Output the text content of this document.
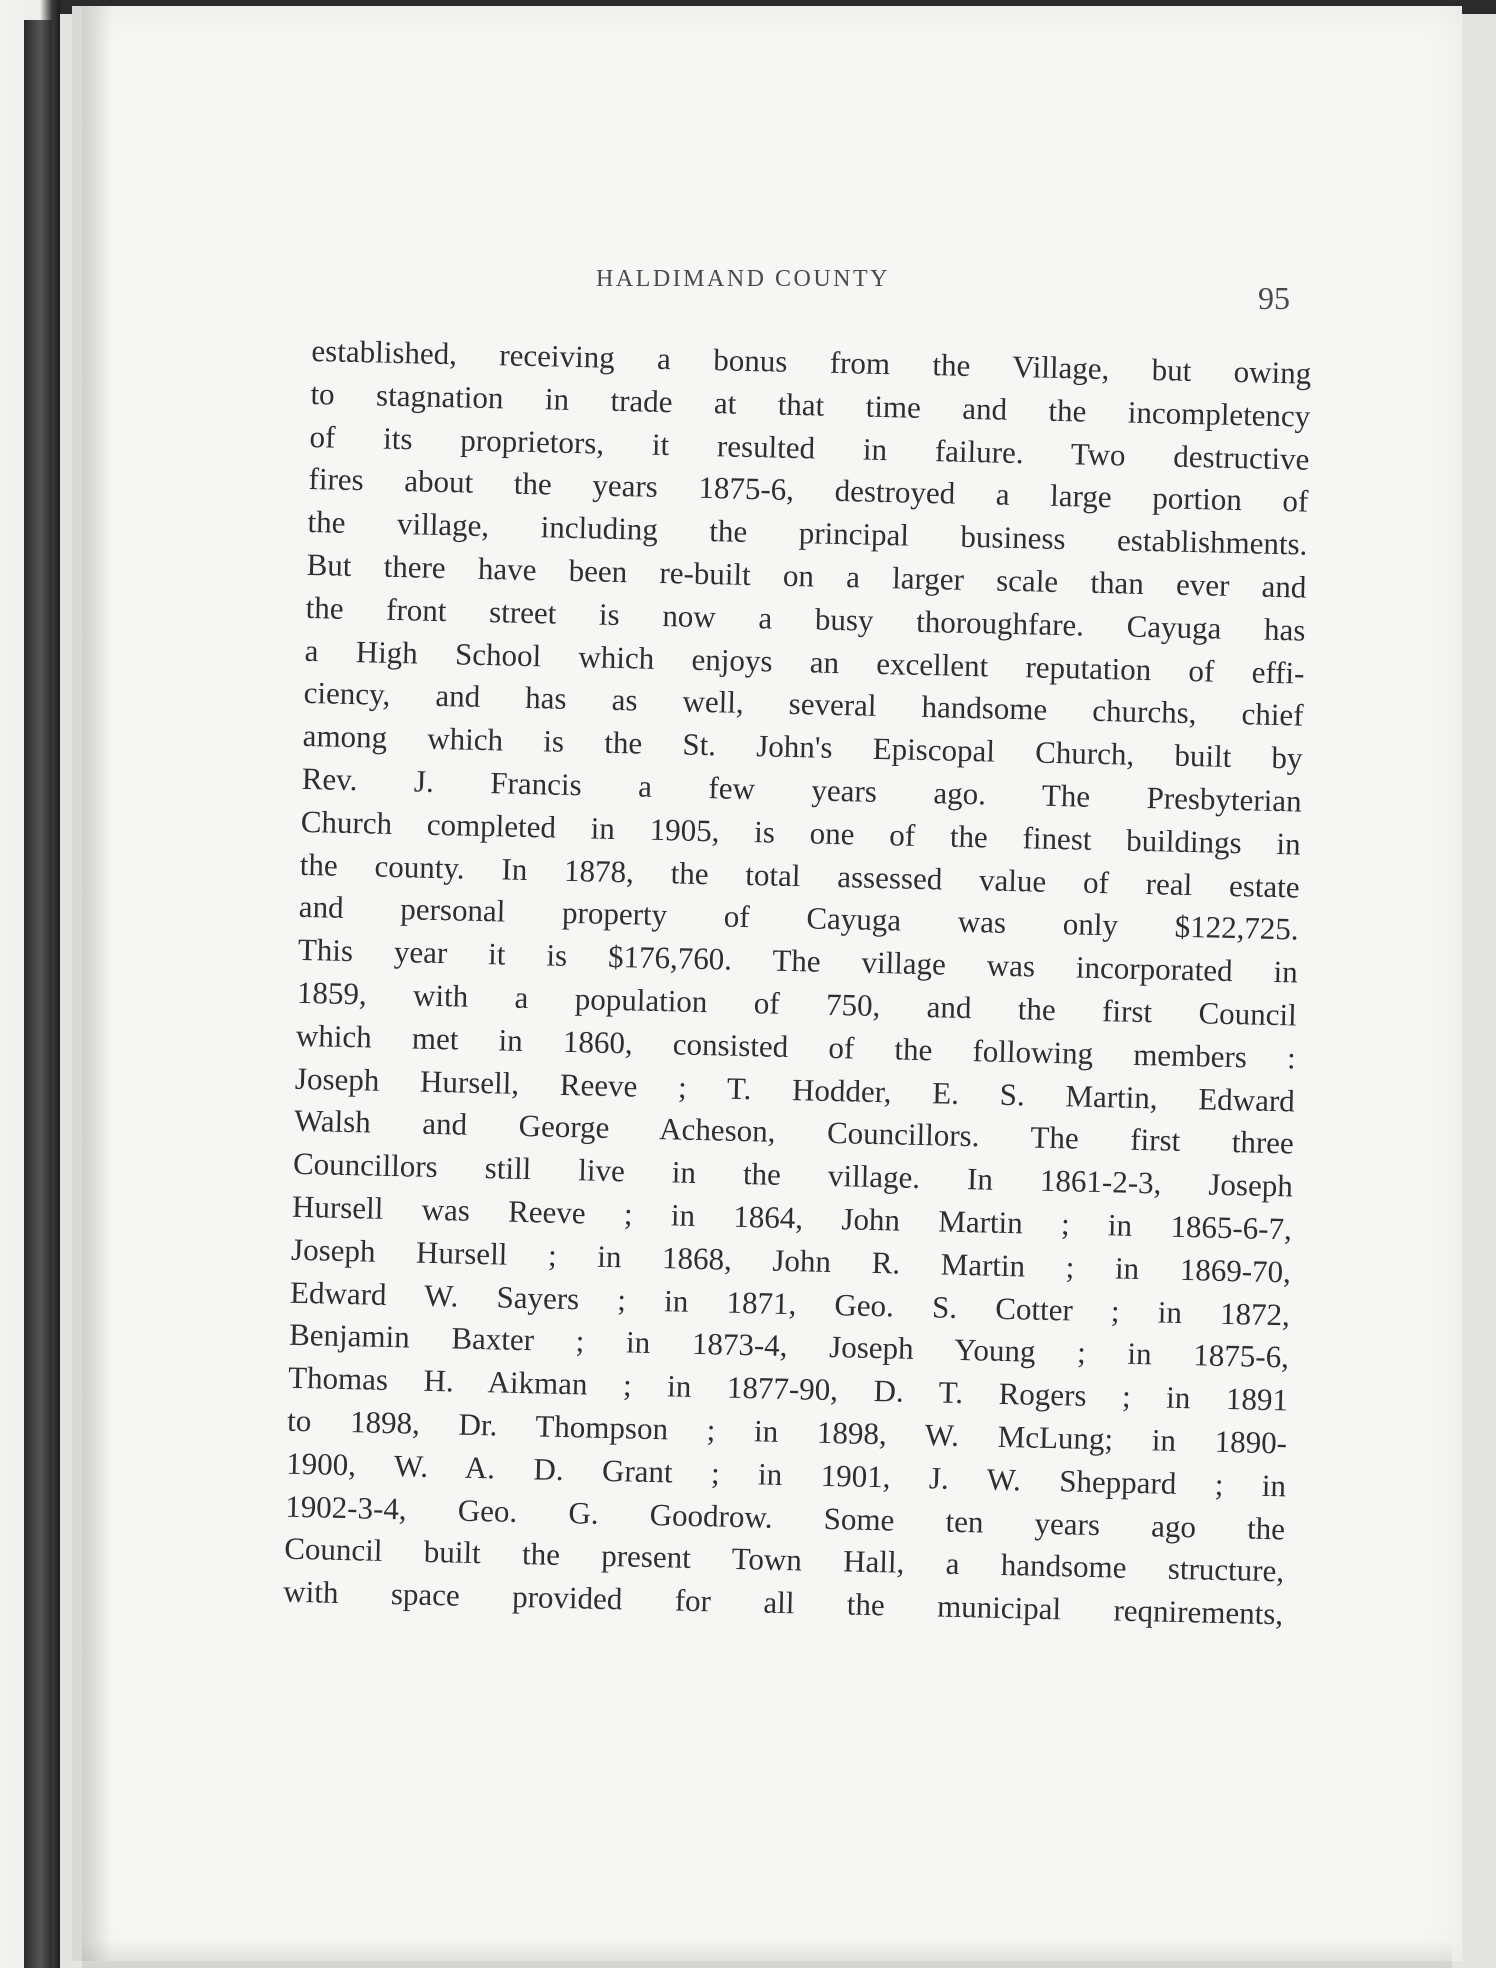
HALDIMAND COUNTY
95
established, receiving a bonus from the Village, but owing
to stagnation in trade at that time and the incompletency
of its proprietors, it resulted in failure. Two destructive
fires about the years 1875-6, destroyed a large portion of
the village, including the principal business establishments.
But there have been re-built on a larger scale than ever and
the front street is now a busy thoroughfare. Cayuga has
a High School which enjoys an excellent reputation of effi-
ciency, and has as well, several handsome churchs, chief
among which is the St. John's Episcopal Church, built by
Rev. J. Francis a few years ago. The Presbyterian
Church completed in 1905, is one of the finest buildings in
the county. In 1878, the total assessed value of real estate
and personal property of Cayuga was only $122,725.
This year it is $176,760. The village was incorporated in
1859, with a population of 750, and the first Council
which met in 1860, consisted of the following members :
Joseph Hursell, Reeve ; T. Hodder, E. S. Martin, Edward
Walsh and George Acheson, Councillors. The first three
Councillors still live in the village. In 1861-2-3, Joseph
Hursell was Reeve ; in 1864, John Martin ; in 1865-6-7,
Joseph Hursell ; in 1868, John R. Martin ; in 1869-70,
Edward W. Sayers ; in 1871, Geo. S. Cotter ; in 1872,
Benjamin Baxter ; in 1873-4, Joseph Young ; in 1875-6,
Thomas H. Aikman ; in 1877-90, D. T. Rogers ; in 1891
to 1898, Dr. Thompson ; in 1898, W. McLung; in 1890-
1900, W. A. D. Grant ; in 1901, J. W. Sheppard ; in
1902-3-4, Geo. G. Goodrow. Some ten years ago the
Council built the present Town Hall, a handsome structure,
with space provided for all the municipal reqnirements,
